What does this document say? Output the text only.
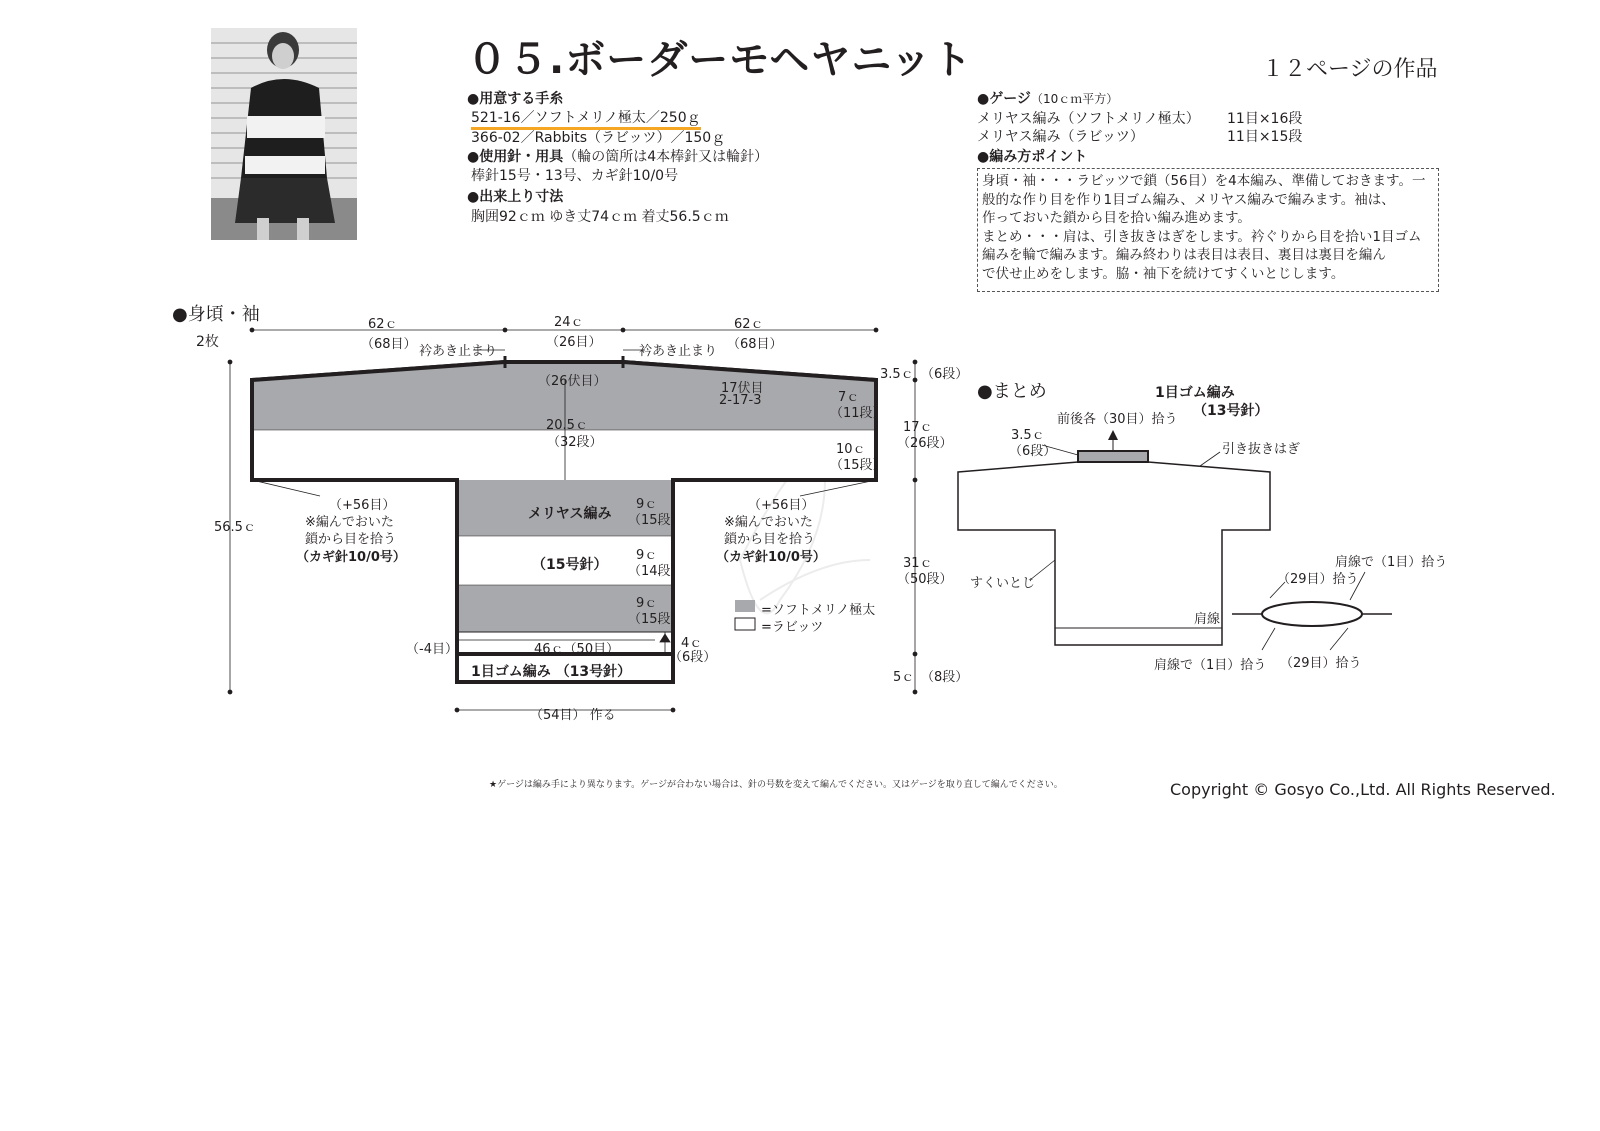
０５.ボーダーモヘヤニット	１２ページの作品
●用意する手糸
521-16／ソフトメリノ極太／250ｇ
366-02／Rabbits（ラビッツ）／150ｇ
●使用針・用具（輪の箇所は4本棒針又は輪針）
棒針15号・13号、カギ針10/0号
●出来上り寸法
胸囲92ｃｍ ゆき丈74ｃｍ 着丈56.5ｃｍ
●ゲージ（10ｃｍ平方）
メリヤス編み（ソフトメリノ極太） 11目×16段
メリヤス編み（ラビッツ）	11目×15段
●編み方ポイント
身頃・袖・・・ラビッツで鎖（56目）を4本編み、準備しておきます。一
般的な作り目を作り1目ゴム編み、メリヤス編みで編みます。袖は、
作っておいた鎖から目を拾い編み進めます。
まとめ・・・肩は、引き抜きはぎをします。衿ぐりから目を拾い1目ゴム
編みを輪で編みます。編み終わりは表目は表目、裏目は裏目を編ん
で伏せ止めをします。脇・袖下を続けてすくいとじします。
●身頃・袖
2枚
62ｃ
（68目）
24ｃ
（26目）
62ｃ
（68目）
衿あき止まり	衿あき止まり
（26伏目）	17伏目
2-17-3
3.5ｃ （6段）
7ｃ
（11段）
17ｃ
（26段）
20.5ｃ
（32段）	10ｃ
（15段）
56.5ｃ
（+56目）
※編んでおいた
鎖から目を拾う
（カギ針10/0号）
（+56目）
※編んでおいた
鎖から目を拾う
（カギ針10/0号）
メリヤス編み
（15号針）
9ｃ
（15段）
9ｃ
（14段）
9ｃ
（15段）
31ｃ
（50段）
（-4目）	46ｃ（50目）	4ｃ
（6段）
1目ゴム編み （13号針）	5ｃ （8段）
（54目） 作る
=ソフトメリノ極太
=ラビッツ
●まとめ	1目ゴム編み
（13号針）
前後各（30目）拾う
3.5ｃ
（6段）	引き抜きはぎ
すくいとじ
肩線
（29目）拾う
肩線で（1目）拾う
肩線で（1目）拾う （29目）拾う
★ゲージは編み手により異なります。ゲージが合わない場合は、針の号数を変えて編んでください。又はゲージを取り直して編んでください。	Copyright © Gosyo Co.,Ltd. All Rights Reserved.
